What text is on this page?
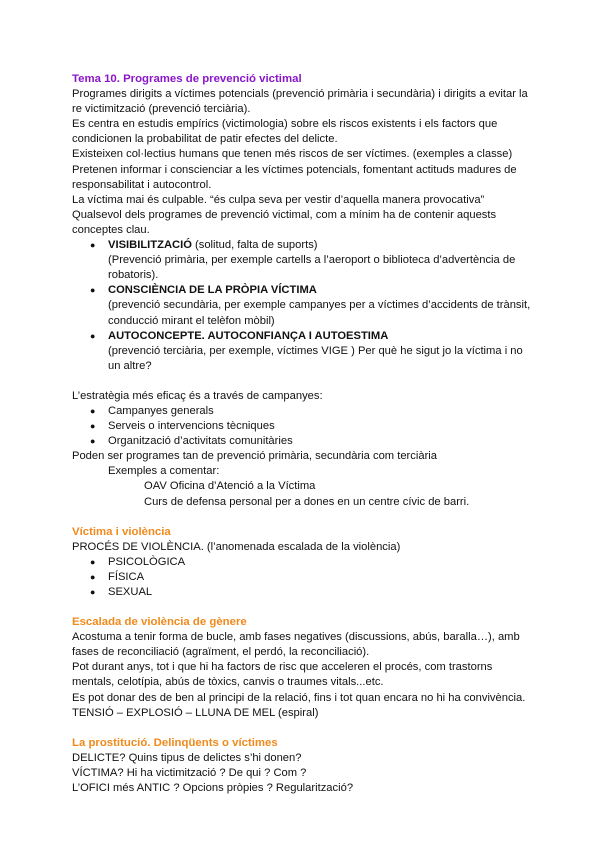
Tema 10. Programes de prevenció victimal

Programes dirigits a víctimes potencials (prevenció primària i secundària) i dirigits a evitar la re victimització (prevenció terciària).

Es centra en estudis empírics (victimologia) sobre els riscos existents i els factors que condicionen la probabilitat de patir efectes del delicte.

Existeixen col·lectius humans que tenen més riscos de ser víctimes. (exemples a classe)

Pretenen informar i conscienciar a les víctimes potencials, fomentant actituds madures de responsabilitat i autocontrol.

La víctima mai és culpable. “és culpa seva per vestir d’aquella manera provocativa”

Qualsevol dels programes de prevenció victimal, com a mínim ha de contenir aquests conceptes clau.

● VISIBILITZACIÓ (solitud, falta de suports)

(Prevenció primària, per exemple cartells a l’aeroport o biblioteca d’advertència de robatoris).

● CONSCIÈNCIA DE LA PRÒPIA VÍCTIMA

(prevenció secundària, per exemple campanyes per a víctimes d’accidents de trànsit, conducció mirant el telèfon mòbil)

● AUTOCONCEPTE. AUTOCONFIANÇA I AUTOESTIMA

(prevenció terciària, per exemple, víctimes VIGE ) Per què he sigut jo la víctima i no un altre?

L’estratègia més eficaç és a través de campanyes:

● Campanyes generals
● Serveis o intervencions tècniques
● Organització d’activitats comunitàries

Poden ser programes tan de prevenció primària, secundària com terciària

Exemples a comentar:

OAV Oficina d’Atenció a la Víctima

Curs de defensa personal per a dones en un centre cívic de barri.

Víctima i violència

PROCÉS DE VIOLÈNCIA. (l’anomenada escalada de la violència)

● PSICOLÒGICA
● FÍSICA
● SEXUAL

Escalada de violència de gènere

Acostuma a tenir forma de bucle, amb fases negatives (discussions, abús, baralla…), amb fases de reconciliació (agraïment, el perdó, la reconciliació).

Pot durant anys, tot i que hi ha factors de risc que acceleren el procés, com trastorns mentals, celotípia, abús de tòxics, canvis o traumes vitals...etc.

Es pot donar des de ben al principi de la relació, fins i tot quan encara no hi ha convivència.

TENSIÓ – EXPLOSIÓ – LLUNA DE MEL (espiral)

La prostitució. Delinqüents o víctimes

DELICTE? Quins tipus de delictes s’hi donen?

VÍCTIMA? Hi ha victimització ? De qui ? Com ?

L’OFICI més ANTIC ? Opcions pròpies ? Regularització?
